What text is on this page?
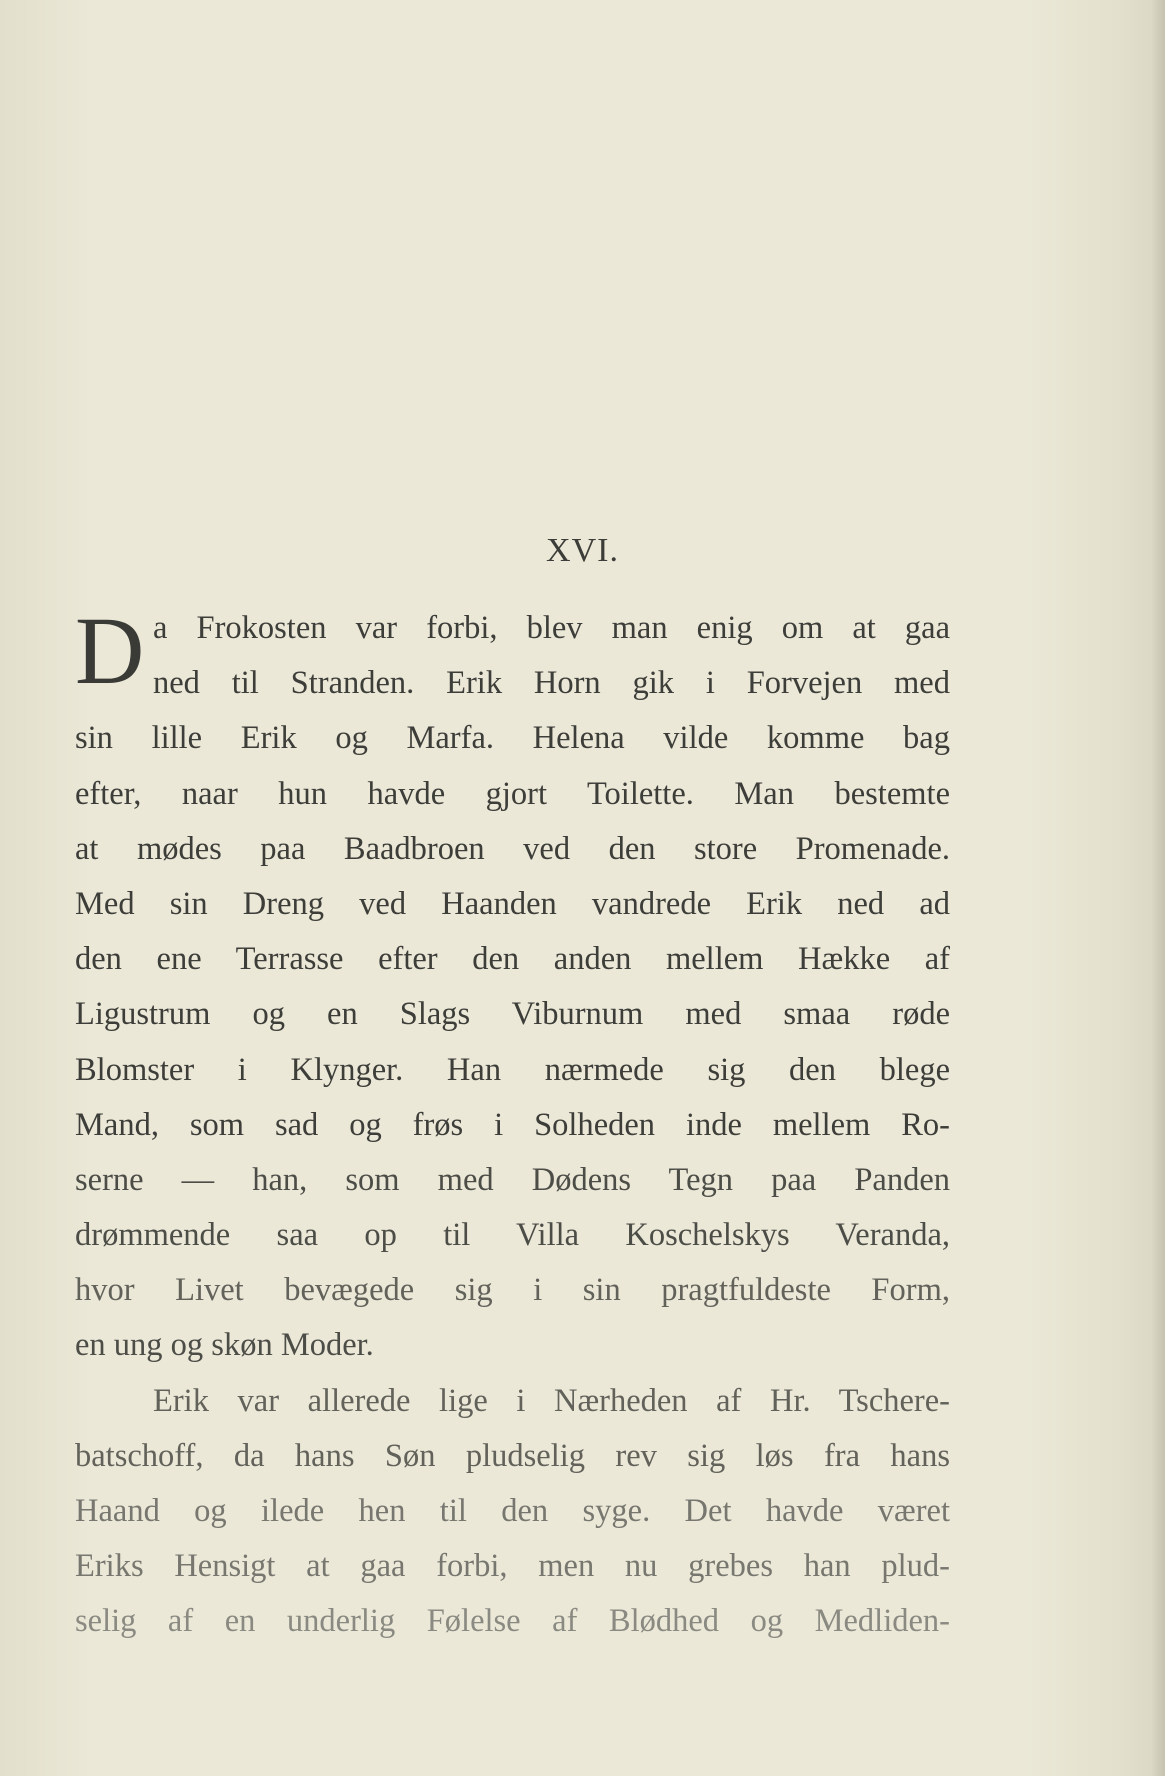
XVI.
D a Frokosten var forbi, blev man enig om at gaa
ned til Stranden. Erik Horn gik i Forvejen med
sin lille Erik og Marfa. Helena vilde komme bag
efter, naar hun havde gjort Toilette. Man bestemte
at mødes paa Baadbroen ved den store Promenade.
Med sin Dreng ved Haanden vandrede Erik ned ad
den ene Terrasse efter den anden mellem Hække af
Ligustrum og en Slags Viburnum med smaa røde
Blomster i Klynger. Han nærmede sig den blege
Mand, som sad og frøs i Solheden inde mellem Ro-
serne — han, som med Dødens Tegn paa Panden
drømmende saa op til Villa Koschelskys Veranda,
hvor Livet bevægede sig i sin pragtfuldeste Form,
en ung og skøn Moder.
Erik var allerede lige i Nærheden af Hr. Tschere-
batschoff, da hans Søn pludselig rev sig løs fra hans
Haand og ilede hen til den syge. Det havde været
Eriks Hensigt at gaa forbi, men nu grebes han plud-
selig af en underlig Følelse af Blødhed og Medliden-
